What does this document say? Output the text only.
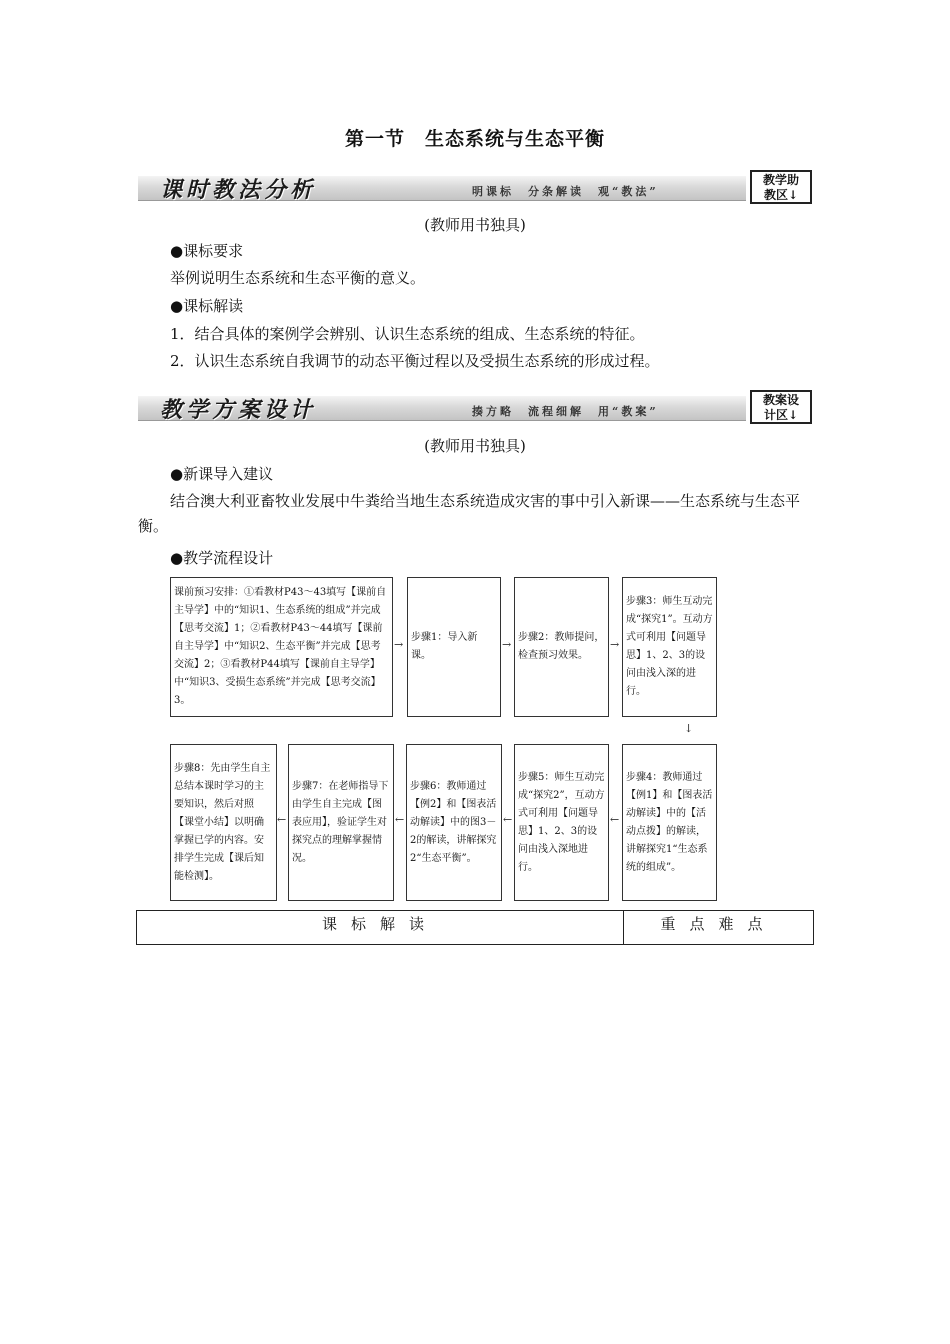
第一节　生态系统与生态平衡
课时教法分析	明课标　分条解读　观“教法”
教学助
教区↓
(教师用书独具)
●课标要求
举例说明生态系统和生态平衡的意义。
●课标解读
1．结合具体的案例学会辨别、认识生态系统的组成、生态系统的特征。
2．认识生态系统自我调节的动态平衡过程以及受损生态系统的形成过程。
教学方案设计	揍方略　流程细解　用“教案”
教案设
计区↓
(教师用书独具)
●新课导入建议
结合澳大利亚畜牧业发展中牛粪给当地生态系统造成灾害的事中引入新课——生态系统与生态平衡。
●教学流程设计
课前预习安排：①看教材P43～43填写【课前自主导学】中的“知识1、生态系统的组成”并完成【思考交流】1；②看教材P43～44填写【课前自主导学】中“知识2、生态平衡”并完成【思考交流】2；③看教材P44填写【课前自主导学】中“知识3、受损生态系统”并完成【思考交流】3。
→
步骤1：导入新课。
→
步骤2：教师提问，检查预习效果。
→
步骤3：师生互动完成“探究1”。互动方式可利用【问题导思】1、2、3的设问由浅入深的进行。
↓
步骤8：先由学生自主总结本课时学习的主要知识，然后对照【课堂小结】以明确掌握已学的内容。安排学生完成【课后知能检测】。
←
步骤7：在老师指导下由学生自主完成【图表应用】，验证学生对探究点的理解掌握情况。
←
步骤6：教师通过【例2】和【图表活动解读】中的图3－2的解读，讲解探究2“生态平衡”。
←
步骤5：师生互动完成“探究2”，互动方式可利用【问题导思】1、2、3的设问由浅入深地进行。
←
步骤4：教师通过【例1】和【图表活动解读】中的【活动点拨】的解读，讲解探究1“生态系统的组成”。
课标解读	重点难点
